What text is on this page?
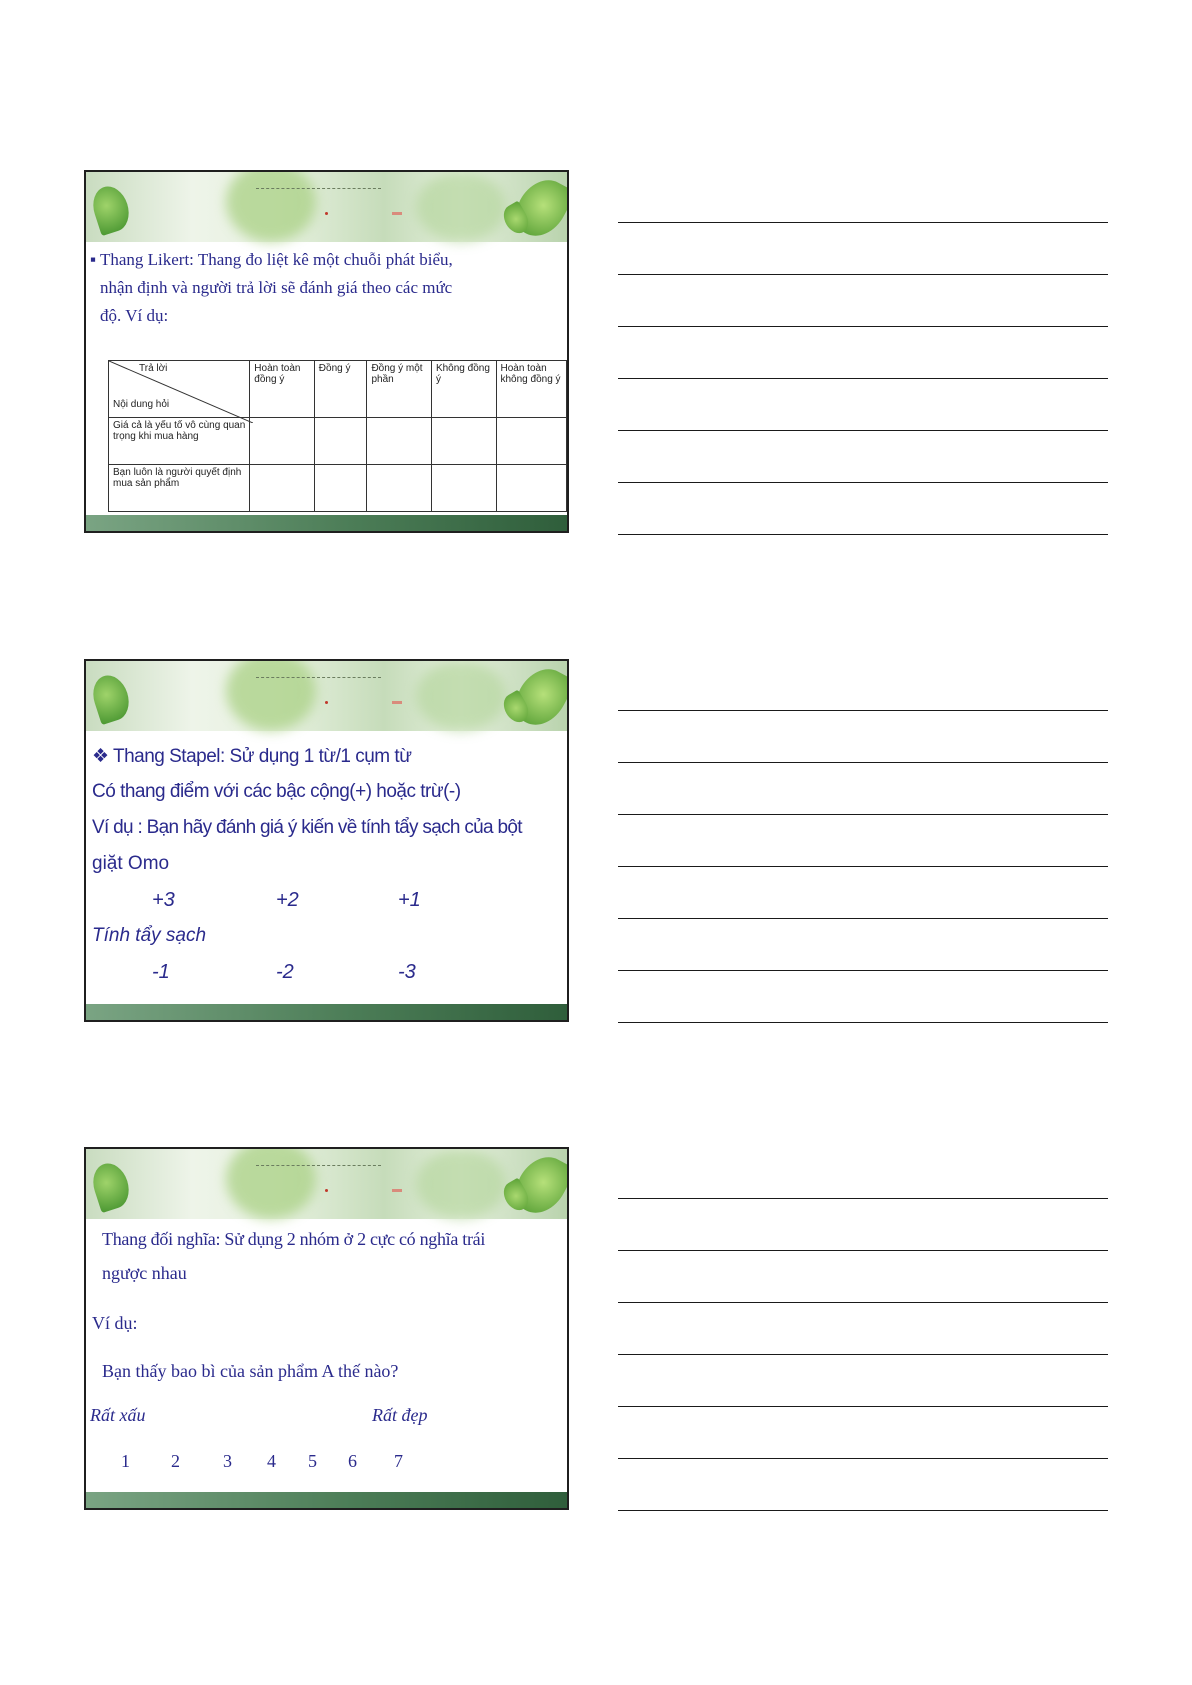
▪ Thang Likert: Thang đo liệt kê một chuỗi phát biểu,
nhận định và người trả lời sẽ đánh giá theo các mức
độ. Ví dụ:
Trả lời
Nội dung hỏi	Hoàn toàn đồng ý	Đồng ý	Đồng ý một phần	Không đồng ý	Hoàn toàn không đồng ý
Giá cả là yếu tố vô cùng quan trọng khi mua hàng					
Bạn luôn là người quyết định mua sản phẩm					
❖ Thang Stapel: Sử dụng 1 từ/1 cụm từ
Có thang điểm với các bậc cộng(+) hoặc trừ(-)
Ví dụ : Bạn hãy đánh giá ý kiến về tính tẩy sạch của bột
giặt Omo
+3	+2	+1
Tính tẩy sạch
-1	-2	-3
Thang đối nghĩa: Sử dụng 2 nhóm ở 2 cực có nghĩa trái
ngược nhau
Ví dụ:
Bạn thấy bao bì của sản phẩm A thế nào?
Rất xấu	Rất đẹp
1 2 3 4 5 6 7
